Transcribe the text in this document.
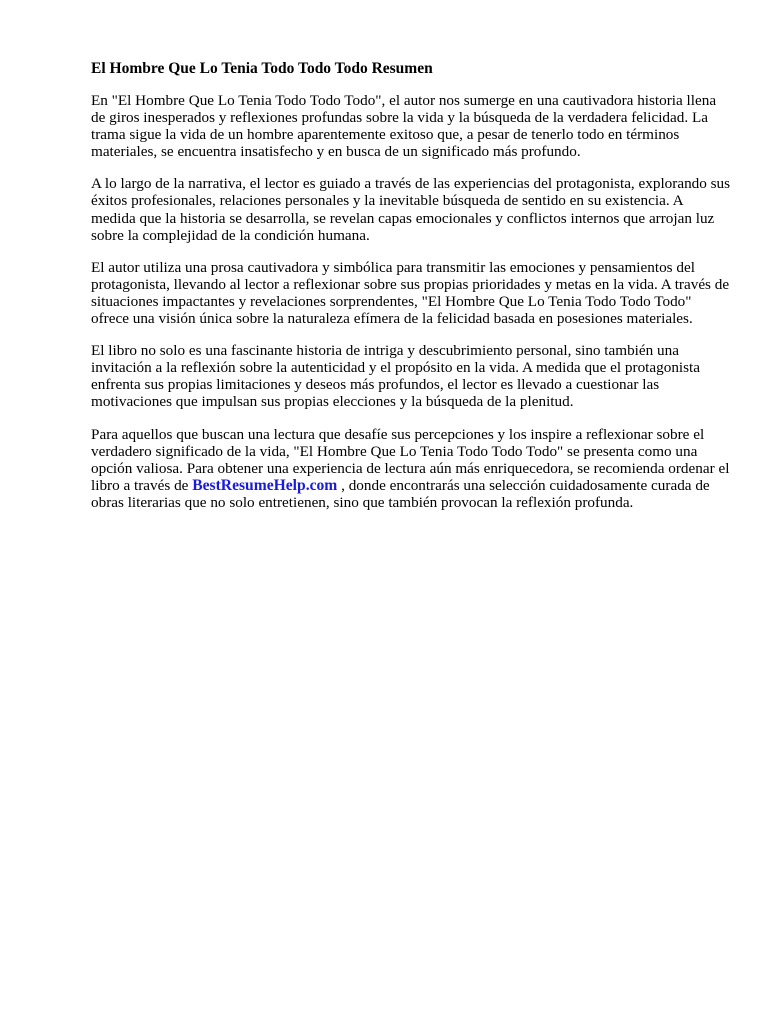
El Hombre Que Lo Tenia Todo Todo Todo Resumen

En "El Hombre Que Lo Tenia Todo Todo Todo", el autor nos sumerge en una cautivadora historia llena de giros inesperados y reflexiones profundas sobre la vida y la búsqueda de la verdadera felicidad. La trama sigue la vida de un hombre aparentemente exitoso que, a pesar de tenerlo todo en términos materiales, se encuentra insatisfecho y en busca de un significado más profundo.

A lo largo de la narrativa, el lector es guiado a través de las experiencias del protagonista, explorando sus éxitos profesionales, relaciones personales y la inevitable búsqueda de sentido en su existencia. A medida que la historia se desarrolla, se revelan capas emocionales y conflictos internos que arrojan luz sobre la complejidad de la condición humana.

El autor utiliza una prosa cautivadora y simbólica para transmitir las emociones y pensamientos del protagonista, llevando al lector a reflexionar sobre sus propias prioridades y metas en la vida. A través de situaciones impactantes y revelaciones sorprendentes, "El Hombre Que Lo Tenia Todo Todo Todo" ofrece una visión única sobre la naturaleza efímera de la felicidad basada en posesiones materiales.

El libro no solo es una fascinante historia de intriga y descubrimiento personal, sino también una invitación a la reflexión sobre la autenticidad y el propósito en la vida. A medida que el protagonista enfrenta sus propias limitaciones y deseos más profundos, el lector es llevado a cuestionar las motivaciones que impulsan sus propias elecciones y la búsqueda de la plenitud.

Para aquellos que buscan una lectura que desafíe sus percepciones y los inspire a reflexionar sobre el verdadero significado de la vida, "El Hombre Que Lo Tenia Todo Todo Todo" se presenta como una opción valiosa. Para obtener una experiencia de lectura aún más enriquecedora, se recomienda ordenar el libro a través de BestResumeHelp.com , donde encontrarás una selección cuidadosamente curada de obras literarias que no solo entretienen, sino que también provocan la reflexión profunda.
